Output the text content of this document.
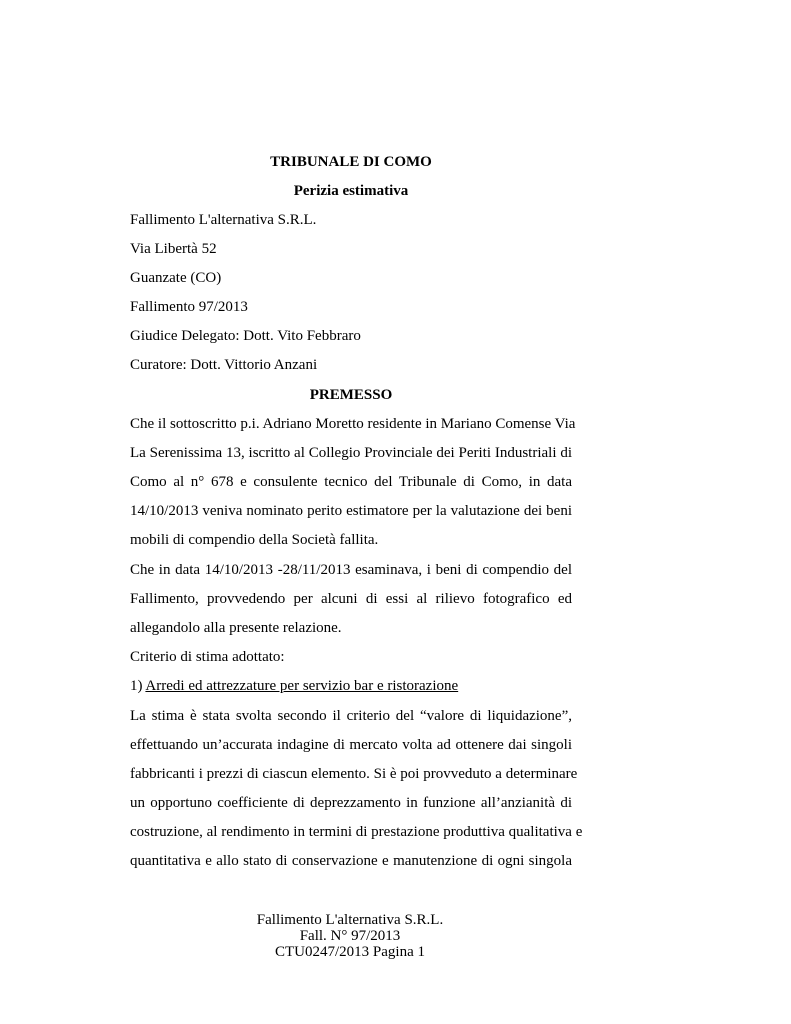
TRIBUNALE DI COMO
Perizia estimativa
Fallimento L'alternativa S.R.L.
Via Libertà 52
Guanzate (CO)
Fallimento 97/2013
Giudice Delegato: Dott. Vito Febbraro
Curatore: Dott. Vittorio Anzani
PREMESSO
Che il sottoscritto p.i. Adriano Moretto residente in Mariano Comense Via
La Serenissima 13, iscritto al Collegio Provinciale dei Periti Industriali di
Como al n° 678 e consulente tecnico del Tribunale di Como, in data
14/10/2013 veniva nominato perito estimatore per la valutazione dei beni
mobili di compendio della Società fallita.
Che in data 14/10/2013 -28/11/2013 esaminava, i beni di compendio del
Fallimento, provvedendo per alcuni di essi al rilievo fotografico ed
allegandolo alla presente relazione.
Criterio di stima adottato:
1) Arredi ed attrezzature per servizio bar e ristorazione
La stima è stata svolta secondo il criterio del “valore di liquidazione”,
effettuando un’accurata indagine di mercato volta ad ottenere dai singoli
fabbricanti i prezzi di ciascun elemento. Si è poi provveduto a determinare
un opportuno coefficiente di deprezzamento in funzione all’anzianità di
costruzione, al rendimento in termini di prestazione produttiva qualitativa e
quantitativa e allo stato di conservazione e manutenzione di ogni singola
Fallimento L'alternativa S.R.L.
Fall. N° 97/2013
CTU0247/2013 Pagina 1
